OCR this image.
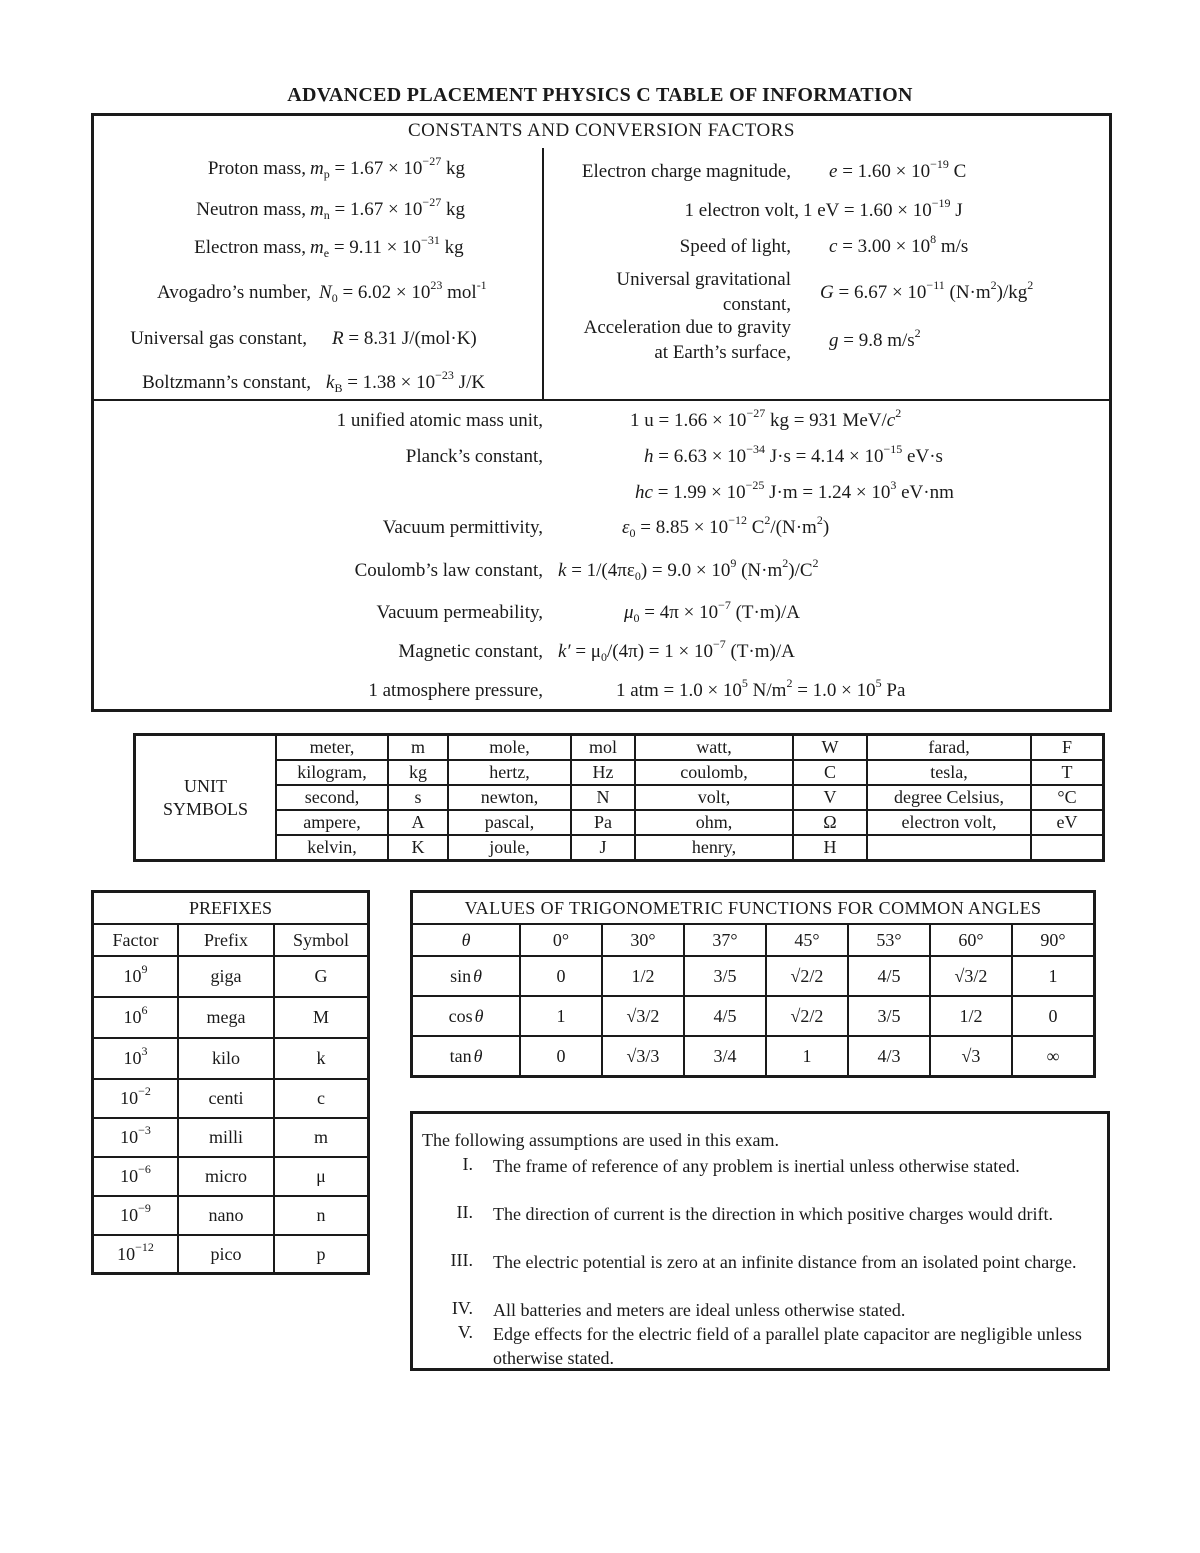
ADVANCED PLACEMENT PHYSICS C TABLE OF INFORMATION
CONSTANTS AND CONVERSION FACTORS
Proton mass, $m_p = 1.67 \times 10^{-27}$ kg
Neutron mass, $m_n = 1.67 \times 10^{-27}$ kg
Electron mass, $m_e = 9.11 \times 10^{-31}$ kg
Avogadro’s number, $N_0 = 6.02 \times 10^{23}$ mol$^{-1}$
Universal gas constant, R = 8.31 J/(mol·K)
Boltzmann’s constant, $k_B = 1.38 \times 10^{-23}$ J/K
Electron charge magnitude, $e = 1.60 \times 10^{-19}$ C
1 electron volt, 1 eV = $1.60 \times 10^{-19}$ J
Speed of light, $c = 3.00 \times 10^8$ m/s
Universal gravitational
constant,
$G = 6.67 \times 10^{-11}$ $(N\cdot m^2)/kg^2$
Acceleration due to gravity
at Earth’s surface,
g = 9.8 $m/s^2$
1 unified atomic mass unit,	1 $u = 1.66 \times 10^{-27}$ kg = 931 MeV/$c^2$
Planck’s constant,	$h = 6.63 \times 10^{-34}$ $J\cdot s = 4.14 \times 10^{-15}$ eV·s
hc = $1.99 \times 10^{-25}$ $J\cdot m = 1.24 \times 10^3$ eV·nm
Vacuum permittivity,	$\varepsilon_0 = 8.85 \times 10^{-12}$ $C^2/(N\cdot m^2)$
Coulomb’s law constant, $k = 1/(4\pi\varepsilon_0) = 9.0 \times 10^9$ $(N\cdot m^2)/C^2$
Vacuum permeability,	$\mu_0 = 4\pi \times 10^{-7}$ (T·m)/A
Magnetic constant, $k' = \mu_0/(4\pi) = 1 \times 10^{-7}$ (T·m)/A
1 atmosphere pressure,	1 atm = $1.0 \times 10^5$ $N/m^2 = 1.0 \times 10^5$ Pa
UNIT
SYMBOLS	meter,	m	mole,	mol	watt,	W	farad,	F
	kilogram,	kg	hertz,	Hz	coulomb,	C	tesla,	T
	second,	s	newton,	N	volt,	V	degree Celsius,	°C
	ampere,	A	pascal,	Pa	ohm,	Ω	electron volt,	eV
	kelvin,	K	joule,	J	henry,	H		
PREFIXES		
Factor	Prefix	Symbol
$10^9$	giga	G
$10^6$	mega	M
$10^3$	kilo	k
$10^{-2}$	centi	c
$10^{-3}$	milli	m
$10^{-6}$	micro	μ
$10^{-9}$	nano	n
$10^{-12}$	pico	p
VALUES OF TRIGONOMETRIC FUNCTIONS FOR COMMON ANGLES							
θ	0°	30°	37°	45°	53°	60°	90°
sin θ	0	1/2	3/5	√2/2	4/5	√3/2	1
cos θ	1	√3/2	4/5	√2/2	3/5	1/2	0
tan θ	0	√3/3	3/4	1	4/3	√3	∞
The following assumptions are used in this exam.
I. The frame of reference of any problem is inertial unless otherwise stated.
II. The direction of current is the direction in which positive charges would drift.
III. The electric potential is zero at an infinite distance from an isolated point charge.
IV. All batteries and meters are ideal unless otherwise stated.
V. Edge effects for the electric field of a parallel plate capacitor are negligible unless otherwise stated.
